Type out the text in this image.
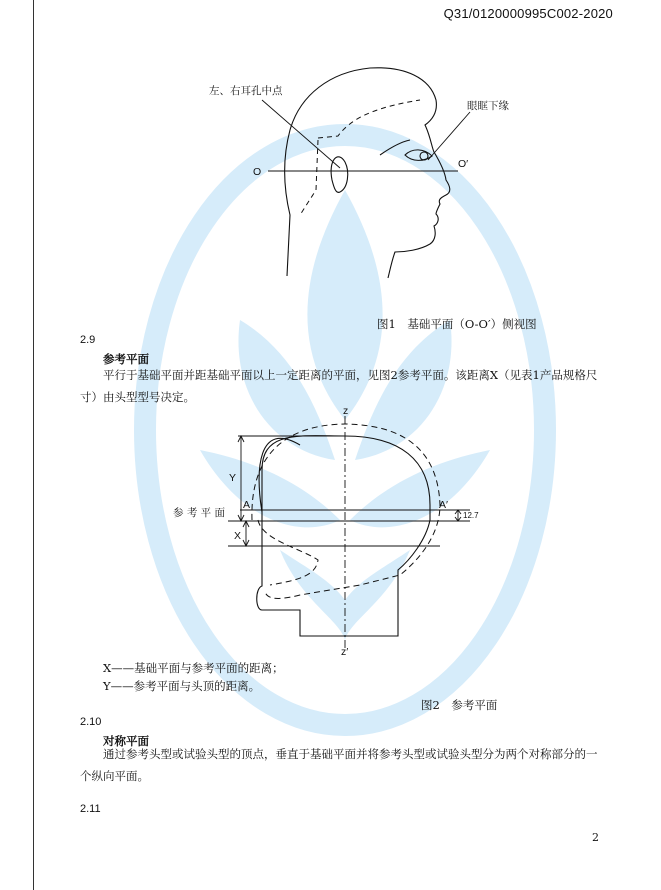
Q31/0120000995C002-2020
左、右耳孔中点
眼眶下缘
O
O′
图1　基础平面（O-O′）侧视图
2.9
参考平面
平行于基础平面并距基础平面以上一定距离的平面，见图2参考平面。该距离X（见表1产品规格尺
寸）由头型型号决定。
z
z′
Y
X
A	A′
参 考 平 面	12.7
X——基础平面与参考平面的距离；
Y——参考平面与头顶的距离。
图2　参考平面
2.10
对称平面
通过参考头型或试验头型的顶点，垂直于基础平面并将参考头型或试验头型分为两个对称部分的一
个纵向平面。
2.11
2
